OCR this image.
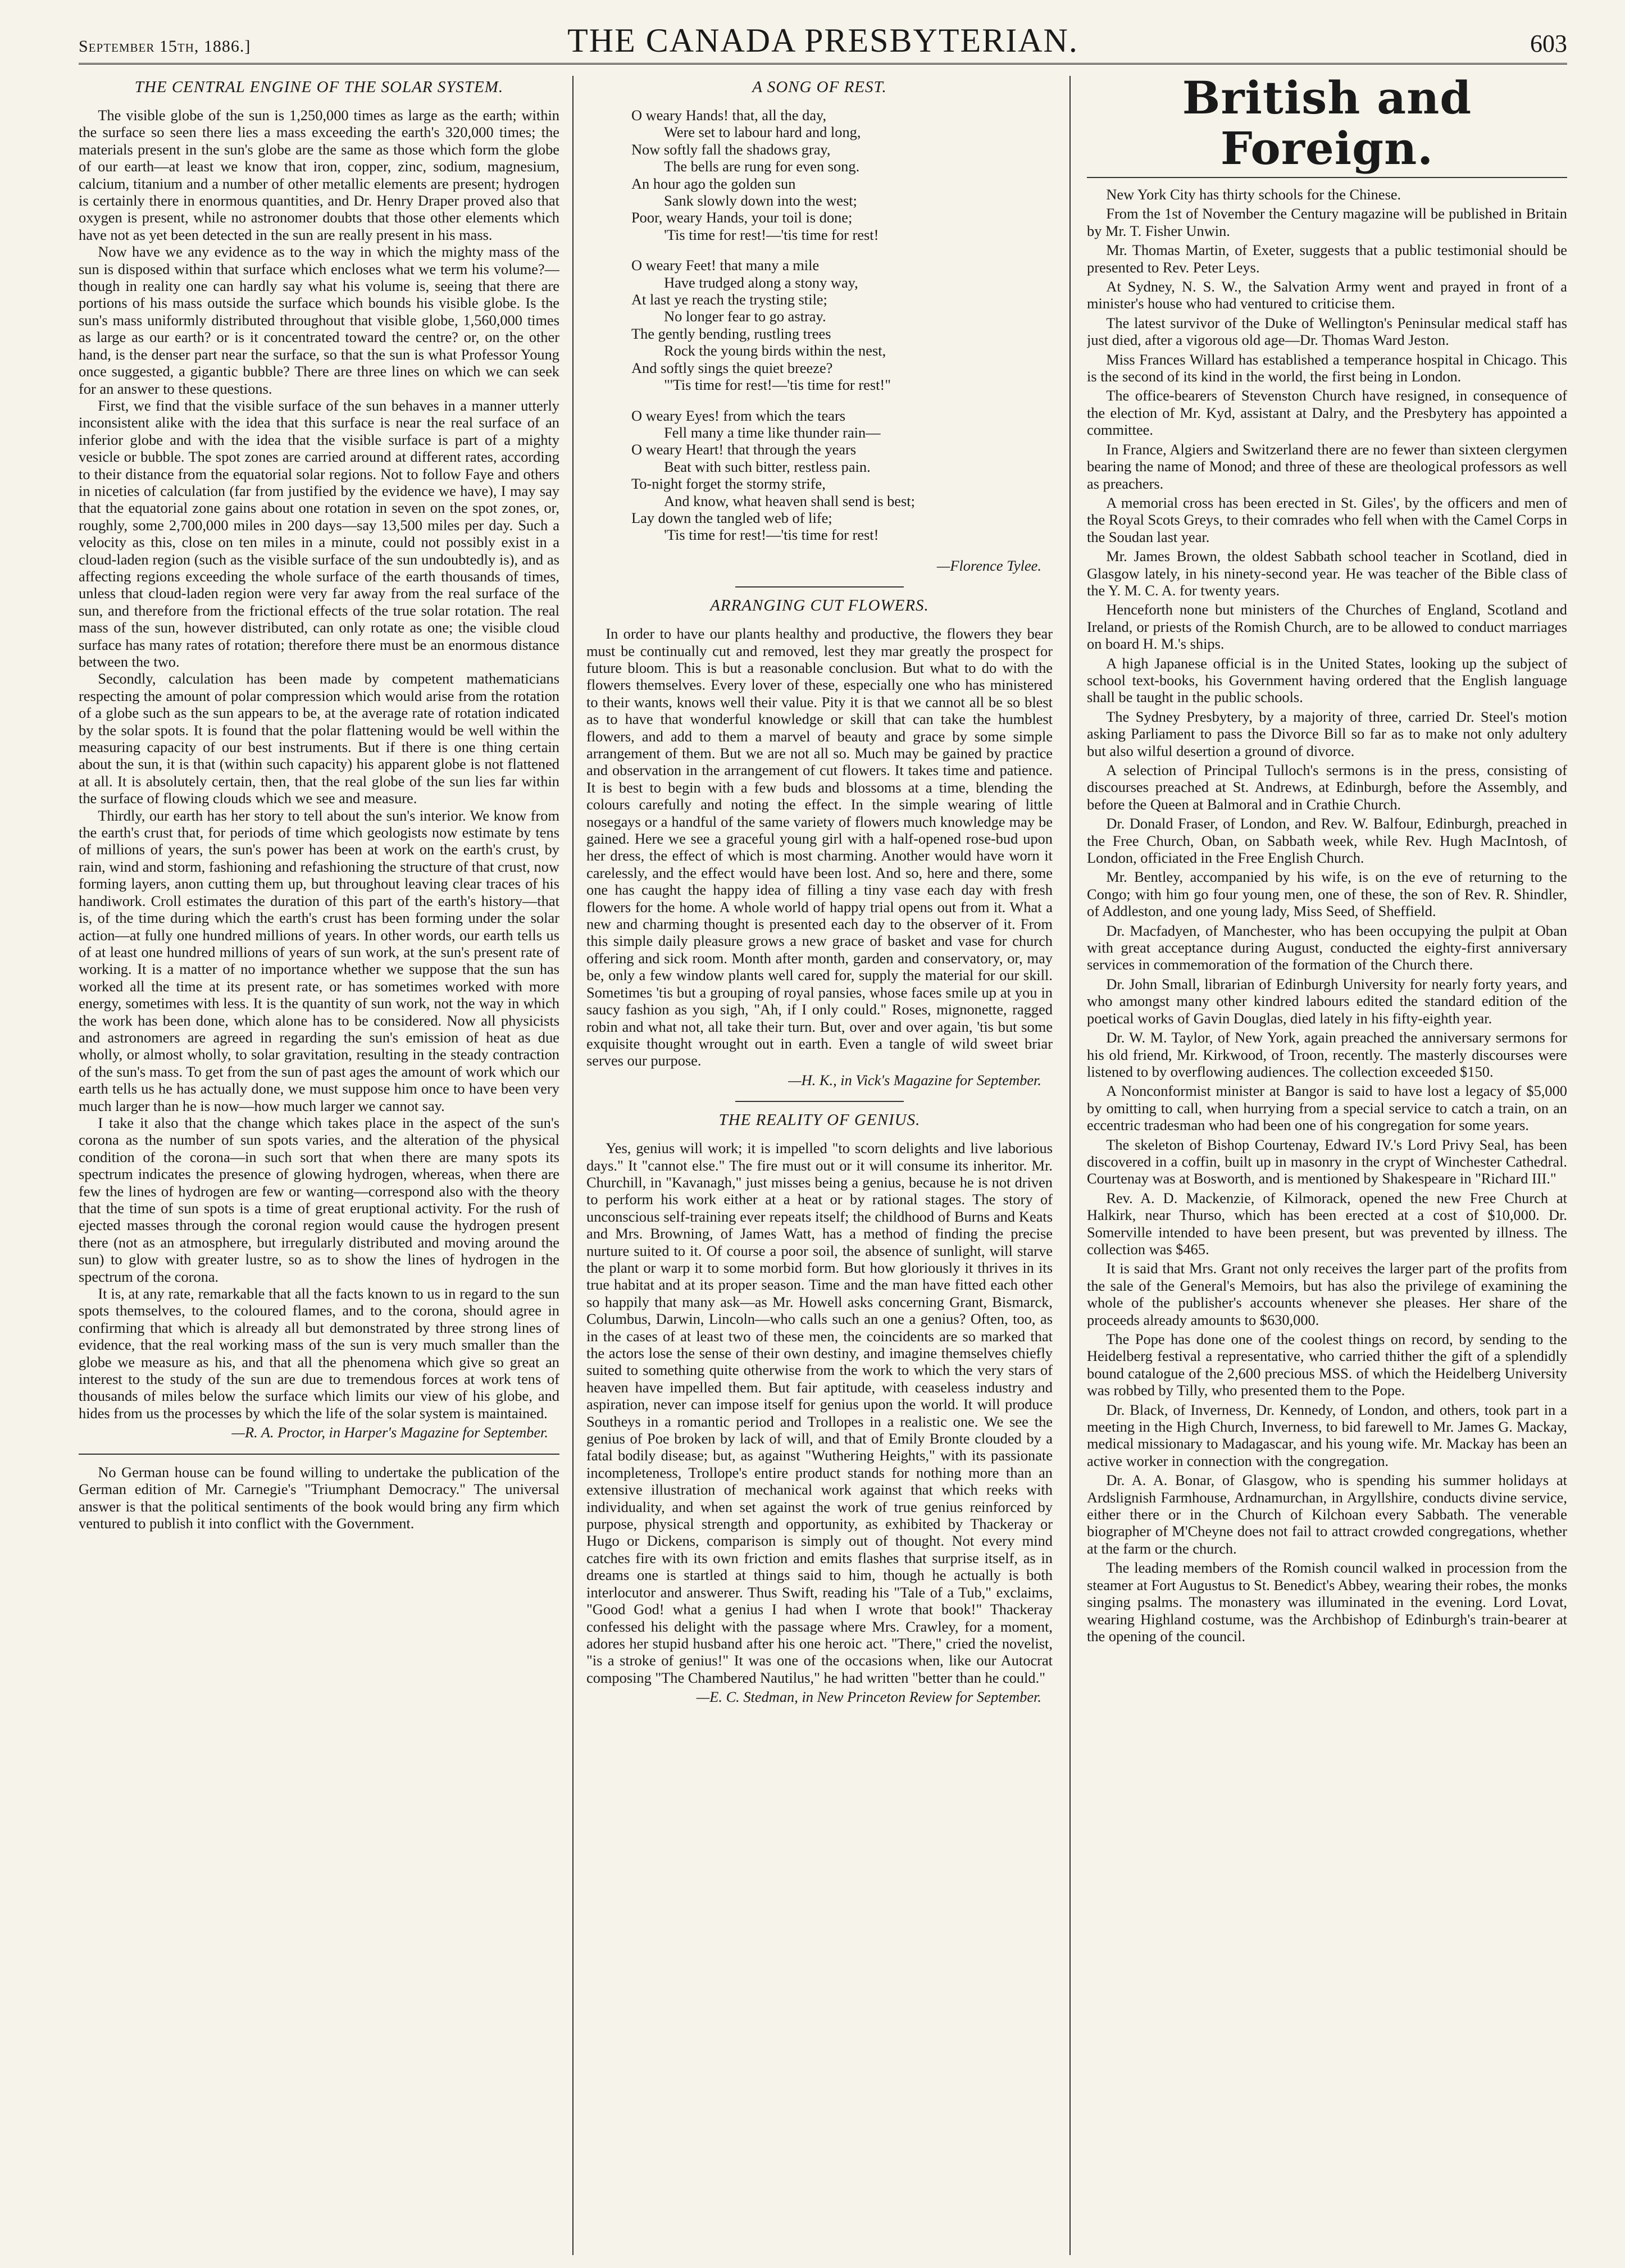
September 15th, 1886.]	THE CANADA PRESBYTERIAN.	603
THE CENTRAL ENGINE OF THE SOLAR SYSTEM.

The visible globe of the sun is 1,250,000 times as large as the earth; within the surface so seen there lies a mass exceeding the earth's 320,000 times; the materials present in the sun's globe are the same as those which form the globe of our earth—at least we know that iron, copper, zinc, sodium, magnesium, calcium, titanium and a number of other metallic elements are present; hydrogen is certainly there in enormous quantities, and Dr. Henry Draper proved also that oxygen is present, while no astronomer doubts that those other elements which have not as yet been detected in the sun are really present in his mass.

Now have we any evidence as to the way in which the mighty mass of the sun is disposed within that surface which encloses what we term his volume?—though in reality one can hardly say what his volume is, seeing that there are portions of his mass outside the surface which bounds his visible globe. Is the sun's mass uniformly distributed throughout that visible globe, 1,560,000 times as large as our earth? or is it concentrated toward the centre? or, on the other hand, is the denser part near the surface, so that the sun is what Professor Young once suggested, a gigantic bubble? There are three lines on which we can seek for an answer to these questions.

First, we find that the visible surface of the sun behaves in a manner utterly inconsistent alike with the idea that this surface is near the real surface of an inferior globe and with the idea that the visible surface is part of a mighty vesicle or bubble. The spot zones are carried around at different rates, according to their distance from the equatorial solar regions. Not to follow Faye and others in niceties of calculation (far from justified by the evidence we have), I may say that the equatorial zone gains about one rotation in seven on the spot zones, or, roughly, some 2,700,000 miles in 200 days—say 13,500 miles per day. Such a velocity as this, close on ten miles in a minute, could not possibly exist in a cloud-laden region (such as the visible surface of the sun undoubtedly is), and as affecting regions exceeding the whole surface of the earth thousands of times, unless that cloud-laden region were very far away from the real surface of the sun, and therefore from the frictional effects of the true solar rotation. The real mass of the sun, however distributed, can only rotate as one; the visible cloud surface has many rates of rotation; therefore there must be an enormous distance between the two.

Secondly, calculation has been made by competent mathematicians respecting the amount of polar compression which would arise from the rotation of a globe such as the sun appears to be, at the average rate of rotation indicated by the solar spots. It is found that the polar flattening would be well within the measuring capacity of our best instruments. But if there is one thing certain about the sun, it is that (within such capacity) his apparent globe is not flattened at all. It is absolutely certain, then, that the real globe of the sun lies far within the surface of flowing clouds which we see and measure.

Thirdly, our earth has her story to tell about the sun's interior. We know from the earth's crust that, for periods of time which geologists now estimate by tens of millions of years, the sun's power has been at work on the earth's crust, by rain, wind and storm, fashioning and refashioning the structure of that crust, now forming layers, anon cutting them up, but throughout leaving clear traces of his handiwork. Croll estimates the duration of this part of the earth's history—that is, of the time during which the earth's crust has been forming under the solar action—at fully one hundred millions of years. In other words, our earth tells us of at least one hundred millions of years of sun work, at the sun's present rate of working. It is a matter of no importance whether we suppose that the sun has worked all the time at its present rate, or has sometimes worked with more energy, sometimes with less. It is the quantity of sun work, not the way in which the work has been done, which alone has to be considered. Now all physicists and astronomers are agreed in regarding the sun's emission of heat as due wholly, or almost wholly, to solar gravitation, resulting in the steady contraction of the sun's mass. To get from the sun of past ages the amount of work which our earth tells us he has actually done, we must suppose him once to have been very much larger than he is now—how much larger we cannot say.

I take it also that the change which takes place in the aspect of the sun's corona as the number of sun spots varies, and the alteration of the physical condition of the corona—in such sort that when there are many spots its spectrum indicates the presence of glowing hydrogen, whereas, when there are few the lines of hydrogen are few or wanting—correspond also with the theory that the time of sun spots is a time of great eruptional activity. For the rush of ejected masses through the coronal region would cause the hydrogen present there (not as an atmosphere, but irregularly distributed and moving around the sun) to glow with greater lustre, so as to show the lines of hydrogen in the spectrum of the corona.

It is, at any rate, remarkable that all the facts known to us in regard to the sun spots themselves, to the coloured flames, and to the corona, should agree in confirming that which is already all but demonstrated by three strong lines of evidence, that the real working mass of the sun is very much smaller than the globe we measure as his, and that all the phenomena which give so great an interest to the study of the sun are due to tremendous forces at work tens of thousands of miles below the surface which limits our view of his globe, and hides from us the processes by which the life of the solar system is maintained.

—R. A. Proctor, in Harper's Magazine for September.

No German house can be found willing to undertake the publication of the German edition of Mr. Carnegie's "Triumphant Democracy." The universal answer is that the political sentiments of the book would bring any firm which ventured to publish it into conflict with the Government.

A SONG OF REST.
O weary Hands! that, all the day,
Were set to labour hard and long,
Now softly fall the shadows gray,
The bells are rung for even song.
An hour ago the golden sun
Sank slowly down into the west;
Poor, weary Hands, your toil is done;
'Tis time for rest!—'tis time for rest!
O weary Feet! that many a mile
Have trudged along a stony way,
At last ye reach the trysting stile;
No longer fear to go astray.
The gently bending, rustling trees
Rock the young birds within the nest,
And softly sings the quiet breeze?
"'Tis time for rest!—'tis time for rest!"
O weary Eyes! from which the tears
Fell many a time like thunder rain—
O weary Heart! that through the years
Beat with such bitter, restless pain.
To-night forget the stormy strife,
And know, what heaven shall send is best;
Lay down the tangled web of life;
'Tis time for rest!—'tis time for rest!
—Florence Tylee.
ARRANGING CUT FLOWERS.

In order to have our plants healthy and productive, the flowers they bear must be continually cut and removed, lest they mar greatly the prospect for future bloom. This is but a reasonable conclusion. But what to do with the flowers themselves. Every lover of these, especially one who has ministered to their wants, knows well their value. Pity it is that we cannot all be so blest as to have that wonderful knowledge or skill that can take the humblest flowers, and add to them a marvel of beauty and grace by some simple arrangement of them. But we are not all so. Much may be gained by practice and observation in the arrangement of cut flowers. It takes time and patience. It is best to begin with a few buds and blossoms at a time, blending the colours carefully and noting the effect. In the simple wearing of little nosegays or a handful of the same variety of flowers much knowledge may be gained. Here we see a graceful young girl with a half-opened rose-bud upon her dress, the effect of which is most charming. Another would have worn it carelessly, and the effect would have been lost. And so, here and there, some one has caught the happy idea of filling a tiny vase each day with fresh flowers for the home. A whole world of happy trial opens out from it. What a new and charming thought is presented each day to the observer of it. From this simple daily pleasure grows a new grace of basket and vase for church offering and sick room. Month after month, garden and conservatory, or, may be, only a few window plants well cared for, supply the material for our skill. Sometimes 'tis but a grouping of royal pansies, whose faces smile up at you in saucy fashion as you sigh, "Ah, if I only could." Roses, mignonette, ragged robin and what not, all take their turn. But, over and over again, 'tis but some exquisite thought wrought out in earth. Even a tangle of wild sweet briar serves our purpose.

—H. K., in Vick's Magazine for September.
THE REALITY OF GENIUS.

Yes, genius will work; it is impelled "to scorn delights and live laborious days." It "cannot else." The fire must out or it will consume its inheritor. Mr. Churchill, in "Kavanagh," just misses being a genius, because he is not driven to perform his work either at a heat or by rational stages. The story of unconscious self-training ever repeats itself; the childhood of Burns and Keats and Mrs. Browning, of James Watt, has a method of finding the precise nurture suited to it. Of course a poor soil, the absence of sunlight, will starve the plant or warp it to some morbid form. But how gloriously it thrives in its true habitat and at its proper season. Time and the man have fitted each other so happily that many ask—as Mr. Howell asks concerning Grant, Bismarck, Columbus, Darwin, Lincoln—who calls such an one a genius? Often, too, as in the cases of at least two of these men, the coincidents are so marked that the actors lose the sense of their own destiny, and imagine themselves chiefly suited to something quite otherwise from the work to which the very stars of heaven have impelled them. But fair aptitude, with ceaseless industry and aspiration, never can impose itself for genius upon the world. It will produce Southeys in a romantic period and Trollopes in a realistic one. We see the genius of Poe broken by lack of will, and that of Emily Bronte clouded by a fatal bodily disease; but, as against "Wuthering Heights," with its passionate incompleteness, Trollope's entire product stands for nothing more than an extensive illustration of mechanical work against that which reeks with individuality, and when set against the work of true genius reinforced by purpose, physical strength and opportunity, as exhibited by Thackeray or Hugo or Dickens, comparison is simply out of thought. Not every mind catches fire with its own friction and emits flashes that surprise itself, as in dreams one is startled at things said to him, though he actually is both interlocutor and answerer. Thus Swift, reading his "Tale of a Tub," exclaims, "Good God! what a genius I had when I wrote that book!" Thackeray confessed his delight with the passage where Mrs. Crawley, for a moment, adores her stupid husband after his one heroic act. "There," cried the novelist, "is a stroke of genius!" It was one of the occasions when, like our Autocrat composing "The Chambered Nautilus," he had written "better than he could."

—E. C. Stedman, in New Princeton Review for September.
British and Foreign.

New York City has thirty schools for the Chinese.

From the 1st of November the Century magazine will be published in Britain by Mr. T. Fisher Unwin.

Mr. Thomas Martin, of Exeter, suggests that a public testimonial should be presented to Rev. Peter Leys.

At Sydney, N. S. W., the Salvation Army went and prayed in front of a minister's house who had ventured to criticise them.

The latest survivor of the Duke of Wellington's Peninsular medical staff has just died, after a vigorous old age—Dr. Thomas Ward Jeston.

Miss Frances Willard has established a temperance hospital in Chicago. This is the second of its kind in the world, the first being in London.

The office-bearers of Stevenston Church have resigned, in consequence of the election of Mr. Kyd, assistant at Dalry, and the Presbytery has appointed a committee.

In France, Algiers and Switzerland there are no fewer than sixteen clergymen bearing the name of Monod; and three of these are theological professors as well as preachers.

A memorial cross has been erected in St. Giles', by the officers and men of the Royal Scots Greys, to their comrades who fell when with the Camel Corps in the Soudan last year.

Mr. James Brown, the oldest Sabbath school teacher in Scotland, died in Glasgow lately, in his ninety-second year. He was teacher of the Bible class of the Y. M. C. A. for twenty years.

Henceforth none but ministers of the Churches of England, Scotland and Ireland, or priests of the Romish Church, are to be allowed to conduct marriages on board H. M.'s ships.

A high Japanese official is in the United States, looking up the subject of school text-books, his Government having ordered that the English language shall be taught in the public schools.

The Sydney Presbytery, by a majority of three, carried Dr. Steel's motion asking Parliament to pass the Divorce Bill so far as to make not only adultery but also wilful desertion a ground of divorce.

A selection of Principal Tulloch's sermons is in the press, consisting of discourses preached at St. Andrews, at Edinburgh, before the Assembly, and before the Queen at Balmoral and in Crathie Church.

Dr. Donald Fraser, of London, and Rev. W. Balfour, Edinburgh, preached in the Free Church, Oban, on Sabbath week, while Rev. Hugh MacIntosh, of London, officiated in the Free English Church.

Mr. Bentley, accompanied by his wife, is on the eve of returning to the Congo; with him go four young men, one of these, the son of Rev. R. Shindler, of Addleston, and one young lady, Miss Seed, of Sheffield.

Dr. Macfadyen, of Manchester, who has been occupying the pulpit at Oban with great acceptance during August, conducted the eighty-first anniversary services in commemoration of the formation of the Church there.

Dr. John Small, librarian of Edinburgh University for nearly forty years, and who amongst many other kindred labours edited the standard edition of the poetical works of Gavin Douglas, died lately in his fifty-eighth year.

Dr. W. M. Taylor, of New York, again preached the anniversary sermons for his old friend, Mr. Kirkwood, of Troon, recently. The masterly discourses were listened to by overflowing audiences. The collection exceeded $150.

A Nonconformist minister at Bangor is said to have lost a legacy of $5,000 by omitting to call, when hurrying from a special service to catch a train, on an eccentric tradesman who had been one of his congregation for some years.

The skeleton of Bishop Courtenay, Edward IV.'s Lord Privy Seal, has been discovered in a coffin, built up in masonry in the crypt of Winchester Cathedral. Courtenay was at Bosworth, and is mentioned by Shakespeare in "Richard III."

Rev. A. D. Mackenzie, of Kilmorack, opened the new Free Church at Halkirk, near Thurso, which has been erected at a cost of $10,000. Dr. Somerville intended to have been present, but was prevented by illness. The collection was $465.

It is said that Mrs. Grant not only receives the larger part of the profits from the sale of the General's Memoirs, but has also the privilege of examining the whole of the publisher's accounts whenever she pleases. Her share of the proceeds already amounts to $630,000.

The Pope has done one of the coolest things on record, by sending to the Heidelberg festival a representative, who carried thither the gift of a splendidly bound catalogue of the 2,600 precious MSS. of which the Heidelberg University was robbed by Tilly, who presented them to the Pope.

Dr. Black, of Inverness, Dr. Kennedy, of London, and others, took part in a meeting in the High Church, Inverness, to bid farewell to Mr. James G. Mackay, medical missionary to Madagascar, and his young wife. Mr. Mackay has been an active worker in connection with the congregation.

Dr. A. A. Bonar, of Glasgow, who is spending his summer holidays at Ardslignish Farmhouse, Ardnamurchan, in Argyllshire, conducts divine service, either there or in the Church of Kilchoan every Sabbath. The venerable biographer of M'Cheyne does not fail to attract crowded congregations, whether at the farm or the church.

The leading members of the Romish council walked in procession from the steamer at Fort Augustus to St. Benedict's Abbey, wearing their robes, the monks singing psalms. The monastery was illuminated in the evening. Lord Lovat, wearing Highland costume, was the Archbishop of Edinburgh's train-bearer at the opening of the council.
